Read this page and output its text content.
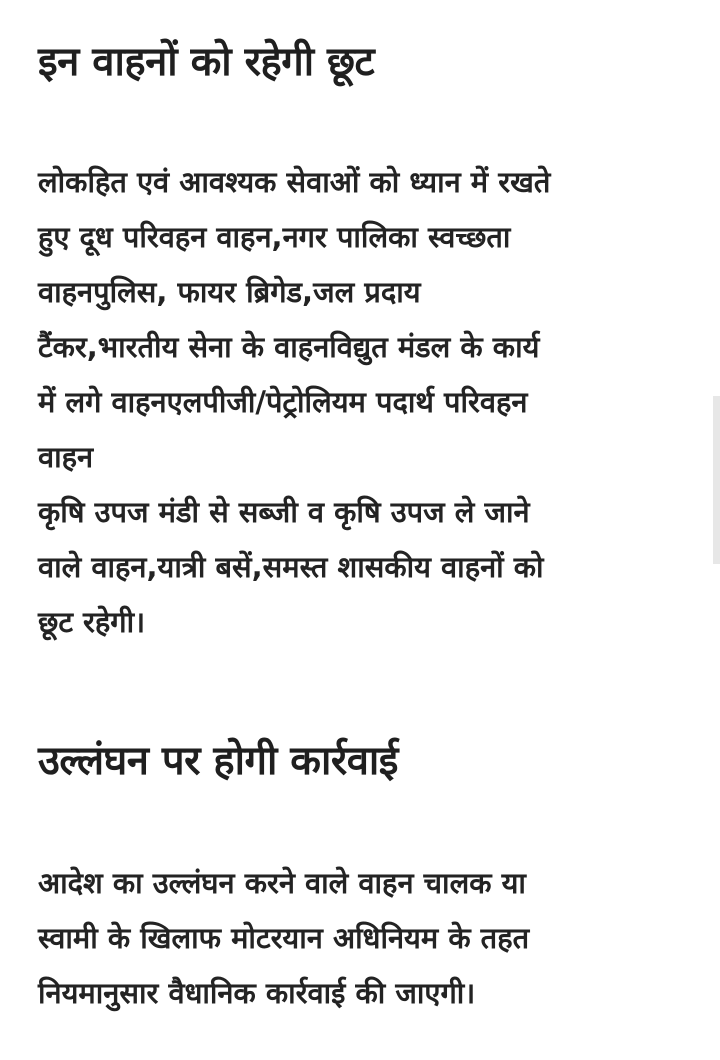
इन वाहनों को रहेगी छूट

लोकहित एवं आवश्यक सेवाओं को ध्यान में रखते
हुए दूध परिवहन वाहन,नगर पालिका स्वच्छता
वाहनपुलिस, फायर ब्रिगेड,जल प्रदाय
टैंकर,भारतीय सेना के वाहनविद्युत मंडल के कार्य
में लगे वाहनएलपीजी/पेट्रोलियम पदार्थ परिवहन
वाहन
कृषि उपज मंडी से सब्जी व कृषि उपज ले जाने
वाले वाहन,यात्री बसें,समस्त शासकीय वाहनों को
छूट रहेगी।

उल्लंघन पर होगी कार्रवाई

आदेश का उल्लंघन करने वाले वाहन चालक या
स्वामी के खिलाफ मोटरयान अधिनियम के तहत
नियमानुसार वैधानिक कार्रवाई की जाएगी।
